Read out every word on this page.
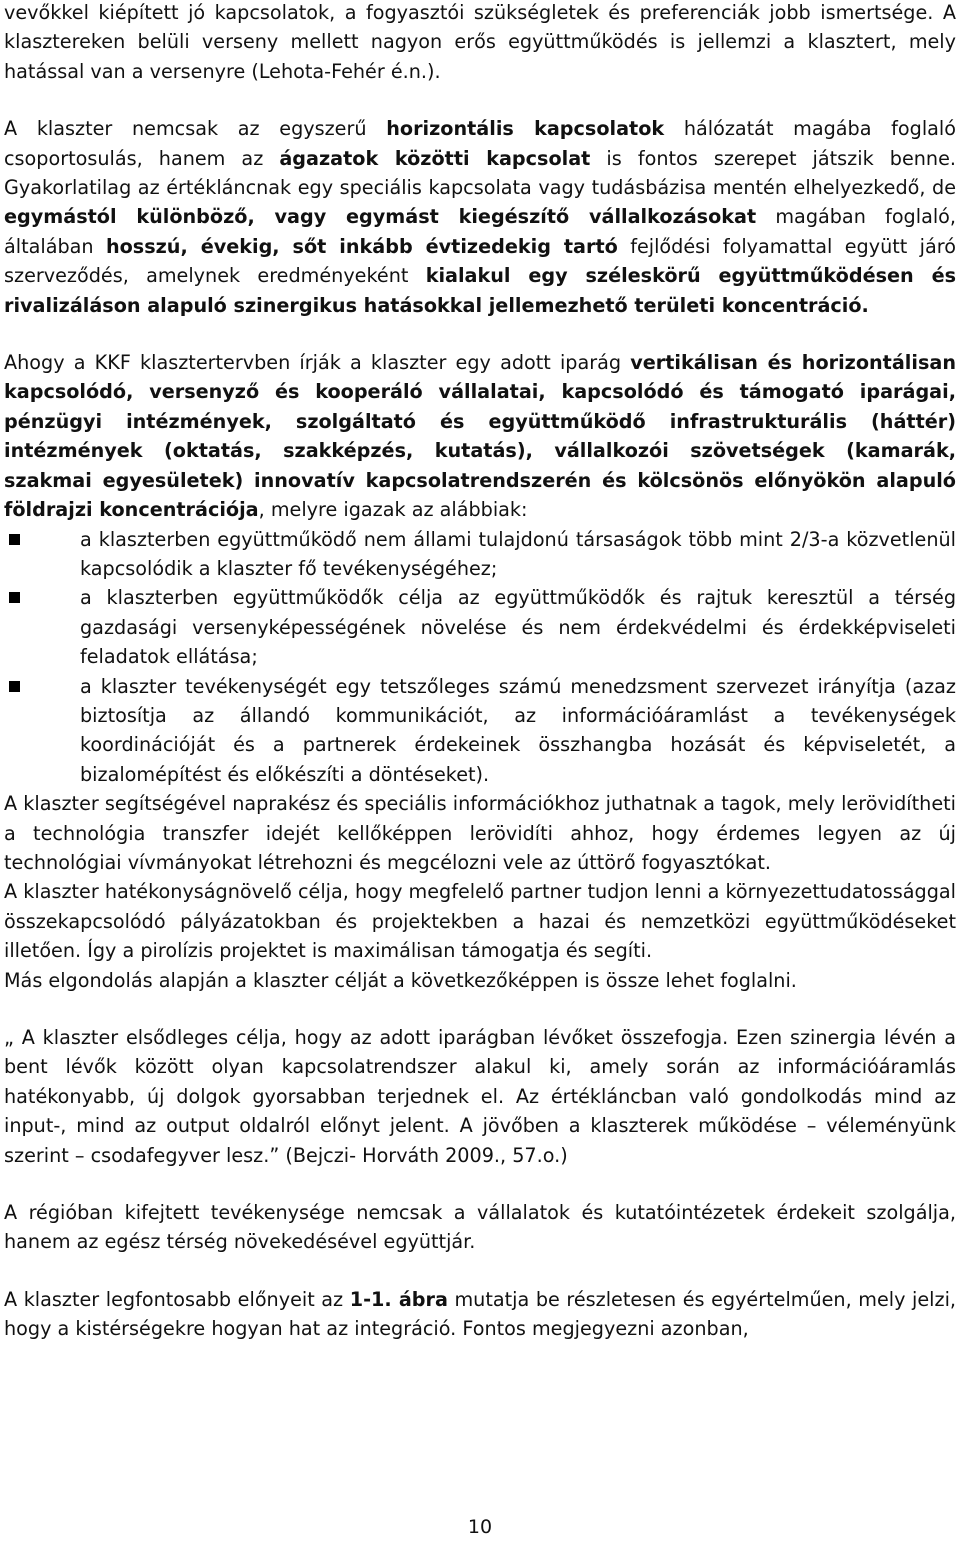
vevőkkel kiépített jó kapcsolatok, a fogyasztói szükségletek és preferenciák jobb ismertsége. A klasztereken belüli verseny mellett nagyon erős együttműködés is jellemzi a klasztert, mely hatással van a versenyre (Lehota-Fehér é.n.).

A klaszter nemcsak az egyszerű horizontális kapcsolatok hálózatát magába foglaló csoportosulás, hanem az ágazatok közötti kapcsolat is fontos szerepet játszik benne. Gyakorlatilag az értékláncnak egy speciális kapcsolata vagy tudásbázisa mentén elhelyezkedő, de egymástól különböző, vagy egymást kiegészítő vállalkozásokat magában foglaló, általában hosszú, évekig, sőt inkább évtizedekig tartó fejlődési folyamattal együtt járó szerveződés, amelynek eredményeként kialakul egy széleskörű együttműködésen és rivalizáláson alapuló szinergikus hatásokkal jellemezhető területi koncentráció.

Ahogy a KKF klasztertervben írják a klaszter egy adott iparág vertikálisan és horizontálisan kapcsolódó, versenyző és kooperáló vállalatai, kapcsolódó és támogató iparágai, pénzügyi intézmények, szolgáltató és együttműködő infrastrukturális (háttér) intézmények (oktatás, szakképzés, kutatás), vállalkozói szövetségek (kamarák, szakmai egyesületek) innovatív kapcsolatrendszerén és kölcsönös előnyökön alapuló földrajzi koncentrációja, melyre igazak az alábbiak:

a klaszterben együttműködő nem állami tulajdonú társaságok több mint 2/3-a közvetlenül kapcsolódik a klaszter fő tevékenységéhez;
a klaszterben együttműködők célja az együttműködők és rajtuk keresztül a térség gazdasági versenyképességének növelése és nem érdekvédelmi és érdekképviseleti feladatok ellátása;
a klaszter tevékenységét egy tetszőleges számú menedzsment szervezet irányítja (azaz biztosítja az állandó kommunikációt, az információáramlást a tevékenységek koordinációját és a partnerek érdekeinek összhangba hozását és képviseletét, a bizalomépítést és előkészíti a döntéseket).

A klaszter segítségével naprakész és speciális információkhoz juthatnak a tagok, mely lerövidítheti a technológia transzfer idejét kellőképpen lerövidíti ahhoz, hogy érdemes legyen az új technológiai vívmányokat létrehozni és megcélozni vele az úttörő fogyasztókat.

A klaszter hatékonyságnövelő célja, hogy megfelelő partner tudjon lenni a környezettudatossággal összekapcsolódó pályázatokban és projektekben a hazai és nemzetközi együttműködéseket illetően. Így a pirolízis projektet is maximálisan támogatja és segíti.

Más elgondolás alapján a klaszter célját a következőképpen is össze lehet foglalni.

„ A klaszter elsődleges célja, hogy az adott iparágban lévőket összefogja. Ezen szinergia lévén a bent lévők között olyan kapcsolatrendszer alakul ki, amely során az információáramlás hatékonyabb, új dolgok gyorsabban terjednek el. Az értékláncban való gondolkodás mind az input-, mind az output oldalról előnyt jelent. A jövőben a klaszterek működése – véleményünk szerint – csodafegyver lesz.” (Bejczi- Horváth 2009., 57.o.)

A régióban kifejtett tevékenysége nemcsak a vállalatok és kutatóintézetek érdekeit szolgálja, hanem az egész térség növekedésével együttjár.

A klaszter legfontosabb előnyeit az 1-1. ábra mutatja be részletesen és egyértelműen, mely jelzi, hogy a kistérségekre hogyan hat az integráció. Fontos megjegyezni azonban,

10
